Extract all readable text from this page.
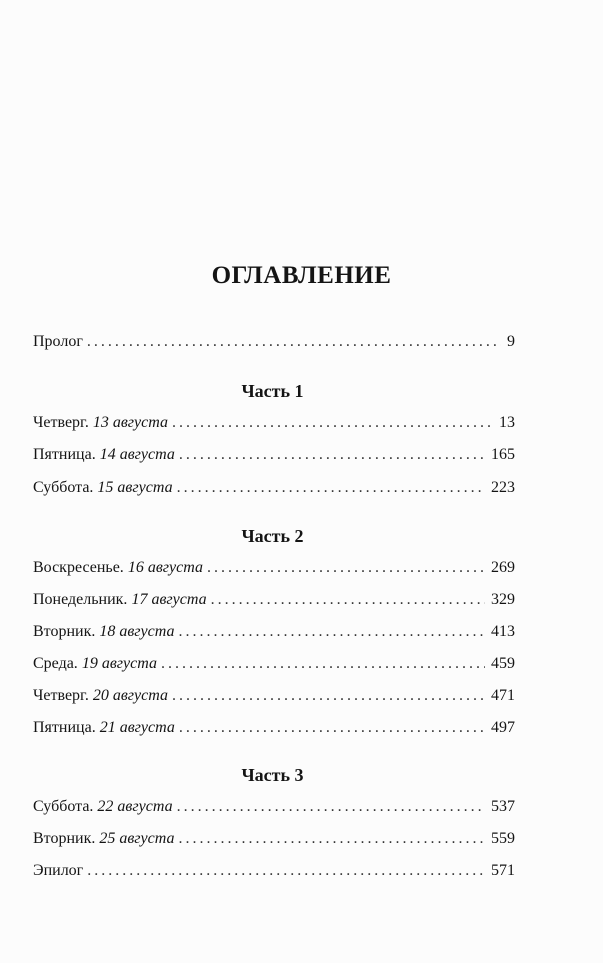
ОГЛАВЛЕНИЕ
Пролог . . .	9
Часть 1
Четверг. 13 августа . . .	13
Пятница. 14 августа . . .	165
Суббота. 15 августа . . .	223
Часть 2
Воскресенье. 16 августа . . .	269
Понедельник. 17 августа . . .	329
Вторник. 18 августа . . .	413
Среда. 19 августа . . .	459
Четверг. 20 августа . . .	471
Пятница. 21 августа . . .	497
Часть 3
Суббота. 22 августа . . .	537
Вторник. 25 августа . . .	559
Эпилог . . .	571
